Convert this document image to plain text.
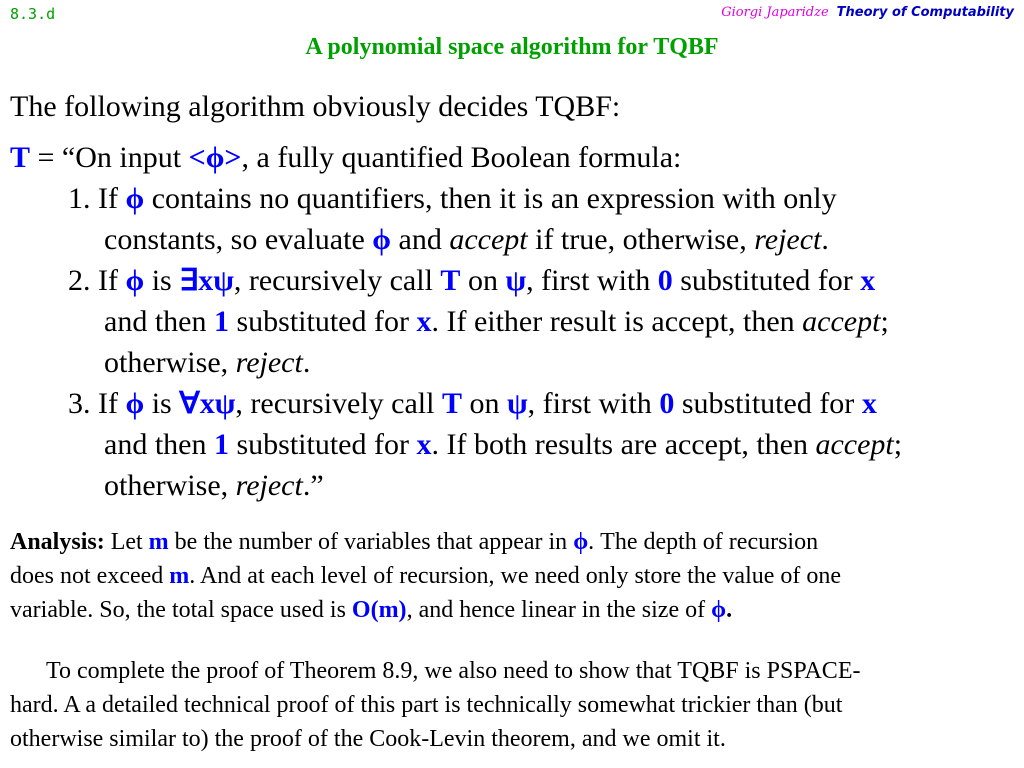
8.3.d	Giorgi Japaridze Theory of Computability
A polynomial space algorithm for TQBF
The following algorithm obviously decides TQBF:
T = “On input <ϕ>, a fully quantified Boolean formula:
1. If ϕ contains no quantifiers, then it is an expression with only
constants, so evaluate ϕ and accept if true, otherwise, reject.
2. If ϕ is ∃xψ, recursively call T on ψ, first with 0 substituted for x
and then 1 substituted for x. If either result is accept, then accept;
otherwise, reject.
3. If ϕ is ∀xψ, recursively call T on ψ, first with 0 substituted for x
and then 1 substituted for x. If both results are accept, then accept;
otherwise, reject.”
Analysis: Let m be the number of variables that appear in ϕ. The depth of recursion
does not exceed m. And at each level of recursion, we need only store the value of one
variable. So, the total space used is O(m), and hence linear in the size of ϕ.
To complete the proof of Theorem 8.9, we also need to show that TQBF is PSPACE-
hard. A a detailed technical proof of this part is technically somewhat trickier than (but
otherwise similar to) the proof of the Cook-Levin theorem, and we omit it.
